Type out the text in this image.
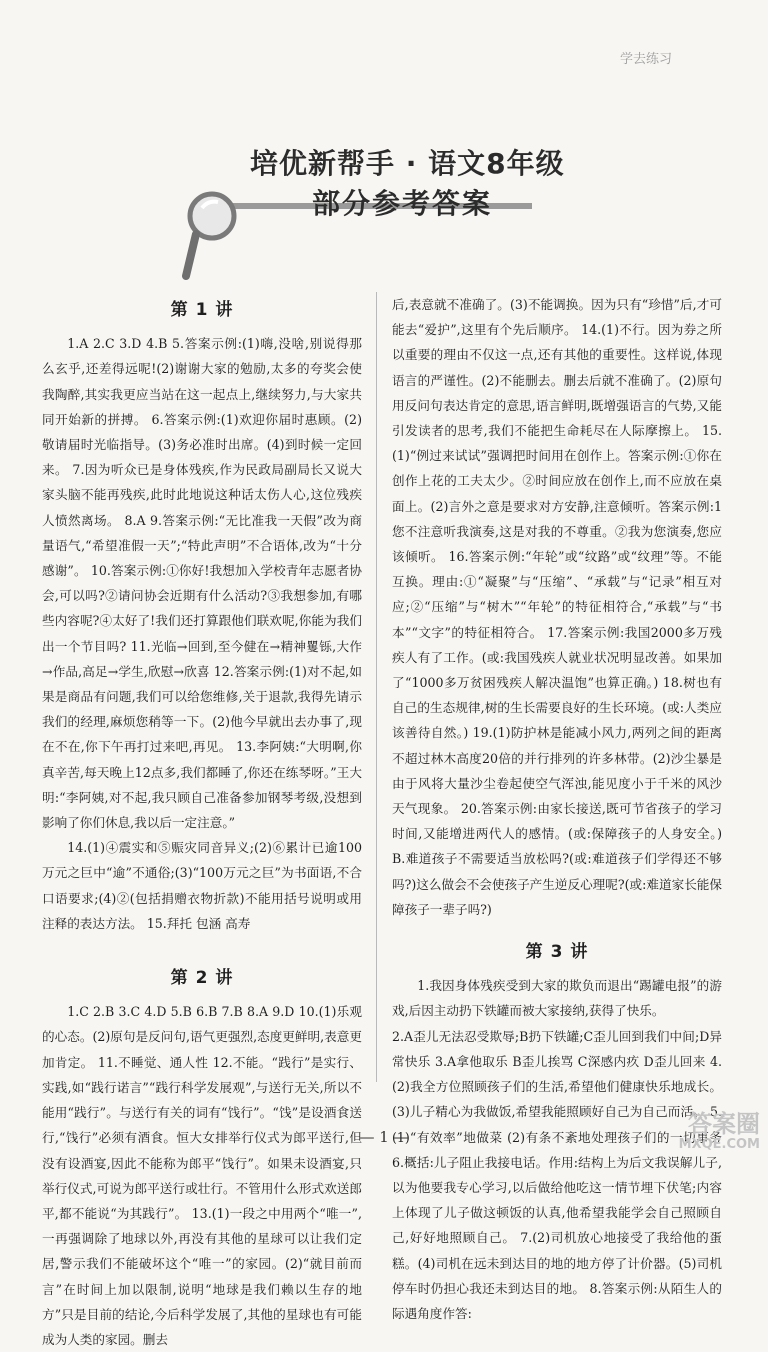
学去练习
培优新帮手 · 语文8年级
部分参考答案
第 1 讲

1.A 2.C 3.D 4.B 5.答案示例:(1)嗨,没啥,别说得那么玄乎,还差得远呢!(2)谢谢大家的勉励,太多的夸奖会使我陶醉,其实我更应当站在这一起点上,继续努力,与大家共同开始新的拼搏。 6.答案示例:(1)欢迎你届时惠顾。(2)敬请届时光临指导。(3)务必准时出席。(4)到时候一定回来。 7.因为听众已是身体残疾,作为民政局副局长又说大家头脑不能再残疾,此时此地说这种话太伤人心,这位残疾人愤然离场。 8.A 9.答案示例:“无比准我一天假”改为商量语气,“希望准假一天”;“特此声明”不合语体,改为“十分感谢”。 10.答案示例:①你好!我想加入学校青年志愿者协会,可以吗?②请问协会近期有什么活动?③我想参加,有哪些内容呢?④太好了!我们还打算跟他们联欢呢,你能为我们出一个节目吗? 11.光临→回到,至今健在→精神矍铄,大作→作品,高足→学生,欣慰→欣喜 12.答案示例:(1)对不起,如果是商品有问题,我们可以给您维修,关于退款,我得先请示我们的经理,麻烦您稍等一下。(2)他今早就出去办事了,现在不在,你下午再打过来吧,再见。 13.李阿姨:“大明啊,你真辛苦,每天晚上12点多,我们都睡了,你还在练琴呀。”王大明:“李阿姨,对不起,我只顾自己准备参加钢琴考级,没想到影响了你们休息,我以后一定注意。”

14.(1)④震实和⑤赈灾同音异义;(2)⑥累计已逾100万元之巨中“逾”不通俗;(3)“100万元之巨”为书面语,不合口语要求;(4)②(包括捐赠衣物折款)不能用括号说明或用注释的表达方法。 15.拜托 包涵 高寿

第 2 讲

1.C 2.B 3.C 4.D 5.B 6.B 7.B 8.A 9.D 10.(1)乐观的心态。(2)原句是反问句,语气更强烈,态度更鲜明,表意更加肯定。 11.不睡觉、通人性 12.不能。“践行”是实行、实践,如“践行诺言”“践行科学发展观”,与送行无关,所以不能用“践行”。与送行有关的词有“饯行”。“饯”是设酒食送行,“饯行”必须有酒食。恒大女排举行仪式为郎平送行,但没有设酒宴,因此不能称为郎平“饯行”。如果未设酒宴,只举行仪式,可说为郎平送行或壮行。不管用什么形式欢送郎平,都不能说“为其践行”。 13.(1)一段之中用两个“唯一”,一再强调除了地球以外,再没有其他的星球可以让我们定居,警示我们不能破坏这个“唯一”的家园。(2)“就目前而言”在时间上加以限制,说明“地球是我们赖以生存的地方”只是目前的结论,今后科学发展了,其他的星球也有可能成为人类的家园。删去

后,表意就不准确了。(3)不能调换。因为只有“珍惜”后,才可能去“爱护”,这里有个先后顺序。 14.(1)不行。因为券之所以重要的理由不仅这一点,还有其他的重要性。这样说,体现语言的严谨性。(2)不能删去。删去后就不准确了。(2)原句用反问句表达肯定的意思,语言鲜明,既增强语言的气势,又能引发读者的思考,我们不能把生命耗尽在人际摩擦上。 15.(1)“例过来试试”强调把时间用在创作上。答案示例:①你在创作上花的工夫太少。②时间应放在创作上,而不应放在桌面上。(2)言外之意是要求对方安静,注意倾听。答案示例:1您不注意听我演奏,这是对我的不尊重。②我为您演奏,您应该倾听。 16.答案示例:“年轮”或“纹路”或“纹理”等。不能互换。理由:①“凝聚”与“压缩”、“承载”与“记录”相互对应;②“压缩”与“树木”“年轮”的特征相符合,“承载”与“书本”“文字”的特征相符合。 17.答案示例:我国2000多万残疾人有了工作。(或:我国残疾人就业状况明显改善。如果加了“1000多万贫困残疾人解决温饱”也算正确。) 18.树也有自己的生态规律,树的生长需要良好的生长环境。(或:人类应该善待自然。) 19.(1)防护林是能减小风力,两列之间的距离不超过林木高度20倍的并行排列的许多林带。(2)沙尘暴是由于风将大量沙尘卷起使空气浑浊,能见度小于千米的风沙天气现象。 20.答案示例:由家长接送,既可节省孩子的学习时间,又能增进两代人的感情。(或:保障孩子的人身安全。) B.难道孩子不需要适当放松吗?(或:难道孩子们学得还不够吗?)这么做会不会使孩子产生逆反心理呢?(或:难道家长能保障孩子一辈子吗?)

第 3 讲

1.我因身体残疾受到大家的欺负而退出“踢罐电报”的游戏,后因主动扔下铁罐而被大家接纳,获得了快乐。

2.A歪儿无法忍受欺辱;B扔下铁罐;C歪儿回到我们中间;D异常快乐 3.A拿他取乐 B歪儿挨骂 C深感内疚 D歪儿回来 4.(2)我全方位照顾孩子们的生活,希望他们健康快乐地成长。(3)儿子精心为我做饭,希望我能照顾好自己为自己而活。 5.(1)“有效率”地做菜 (2)有条不紊地处理孩子们的一切事务 6.概括:儿子阻止我接电话。作用:结构上为后文我误解儿子,以为他要我专心学习,以后做给他吃这一情节埋下伏笔;内容上体现了儿子做这顿饭的认真,他希望我能学会自己照顾自己,好好地照顾自己。 7.(2)司机放心地接受了我给他的蛋糕。(4)司机在远未到达目的地的地方停了计价器。(5)司机停车时仍担心我还未到达目的地。 8.答案示例:从陌生人的际遇角度作答:

— 1 —	答案圈
MXQE.COM
